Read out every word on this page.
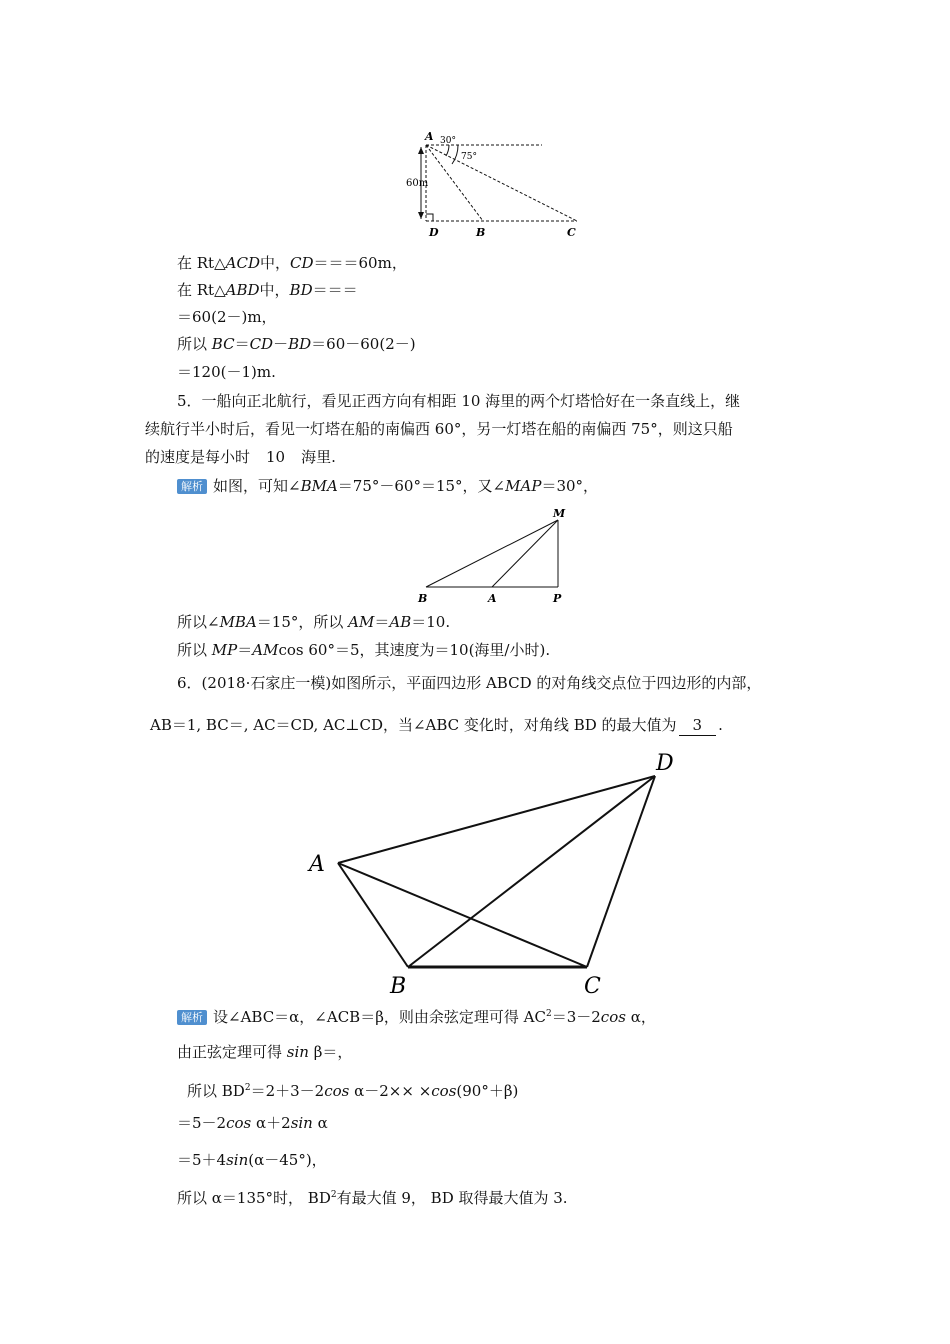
A 30°
75°
60m
D	B	C
在 Rt△ACD中，CD＝＝＝60m，
在 Rt△ABD中，BD＝＝＝
＝60(2－)m，
所以 BC＝CD－BD＝60－60(2－)
＝120(－1)m.
5．一船向正北航行，看见正西方向有相距 10 海里的两个灯塔恰好在一条直线上，继
续航行半小时后，看见一灯塔在船的南偏西 60°，另一灯塔在船的南偏西 75°，则这只船
的速度是每小时 10 海里.
解析 如图，可知∠BMA＝75°－60°＝15°，又∠MAP＝30°，
M
B	A	P
所以∠MBA＝15°，所以 AM＝AB＝10.
所以 MP＝AMcos 60°＝5，其速度为＝10(海里/小时).
6．(2018·石家庄一模)如图所示，平面四边形 ABCD 的对角线交点位于四边形的内部，
AB＝1, BC＝, AC＝CD, AC⊥CD，当∠ABC 变化时，对角线 BD 的最大值为 3 .
A
B	C
D
解析 设∠ABC＝α，∠ACB＝β，则由余弦定理可得 $AC^2=3-2\cos$ α，
由正弦定理可得 sin β＝，
所以 $BD^2=2+3-2\cos$ α－2×× ×cos(90°＋β)
＝5－2cos α＋2sin α
＝5＋4sin(α－45°)，
所以 α＝135°时， $BD^2$有最大值 9， BD 取得最大值为 3.
